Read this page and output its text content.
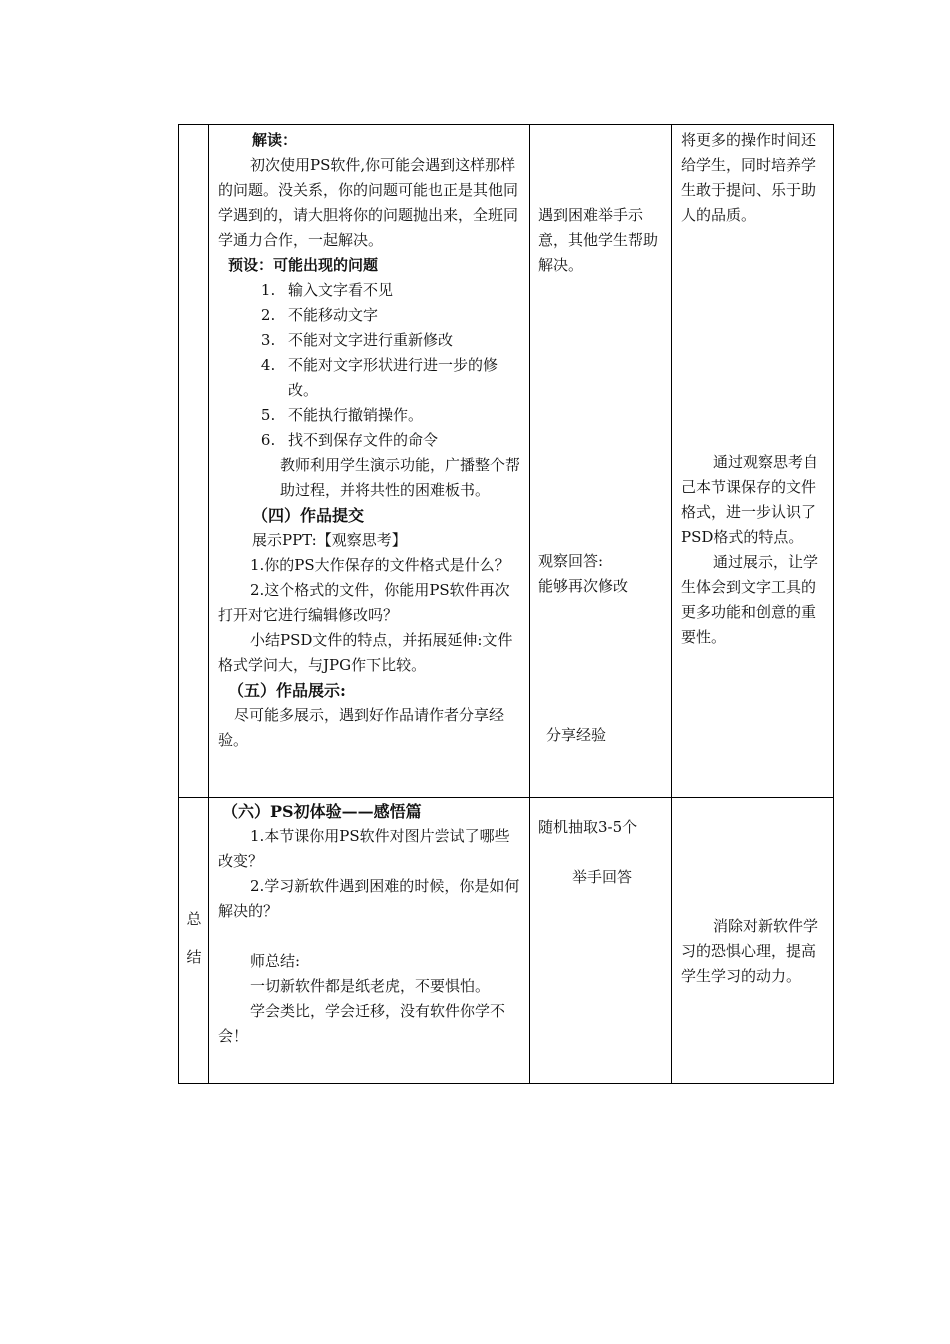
解读：

初次使用PS软件,你可能会遇到这样那样的问题。没关系，你的问题可能也正是其他同学遇到的，请大胆将你的问题抛出来，全班同学通力合作，一起解决。

预设：可能出现的问题

1. 输入文字看不见
2. 不能移动文字
3. 不能对文字进行重新修改
4. 不能对文字形状进行进一步的修改。
5. 不能执行撤销操作。
6. 找不到保存文件的命令

教师利用学生演示功能，广播整个帮助过程，并将共性的困难板书。

（四）作品提交

展示PPT:【观察思考】

1.你的PS大作保存的文件格式是什么？

2.这个格式的文件，你能用PS软件再次打开对它进行编辑修改吗？

小结PSD文件的特点，并拓展延伸:文件格式学问大，与JPG作下比较。

（五）作品展示:

尽可能多展示，遇到好作品请作者分享经验。

遇到困难举手示意，其他学生帮助解决。
观察回答:
能够再次修改
分享经验
将更多的操作时间还给学生，同时培养学生敢于提问、乐于助人的品质。

通过观察思考自己本节课保存的文件格式，进一步认识了PSD格式的特点。

通过展示，让学生体会到文字工具的更多功能和创意的重要性。

总
结

（六）PS初体验——感悟篇

1.本节课你用PS软件对图片尝试了哪些改变？

2.学习新软件遇到困难的时候，你是如何解决的？

师总结:

一切新软件都是纸老虎，不要惧怕。

学会类比，学会迁移，没有软件你学不会！

随机抽取3-5个
举手回答

消除对新软件学习的恐惧心理，提高学生学习的动力。
